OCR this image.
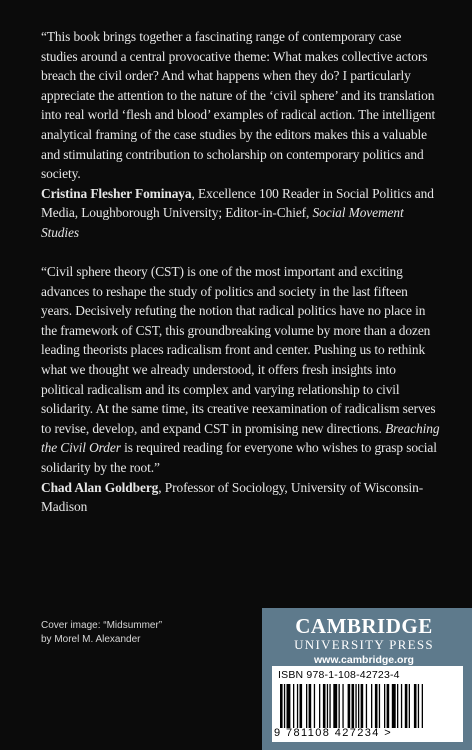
“This book brings together a fascinating range of contemporary case studies around a central provocative theme: What makes collective actors breach the civil order? And what happens when they do? I particularly appreciate the attention to the nature of the ‘civil sphere’ and its translation into real world ‘flesh and blood’ examples of radical action. The intelligent analytical framing of the case studies by the editors makes this a valuable and stimulating contribution to scholarship on contemporary politics and society.

Cristina Flesher Fominaya, Excellence 100 Reader in Social Politics and Media, Loughborough University; Editor-in-Chief, Social Movement Studies

“Civil sphere theory (CST) is one of the most important and exciting advances to reshape the study of politics and society in the last fifteen years. Decisively refuting the notion that radical politics have no place in the framework of CST, this groundbreaking volume by more than a dozen leading theorists places radicalism front and center. Pushing us to rethink what we thought we already understood, it offers fresh insights into political radicalism and its complex and varying relationship to civil solidarity. At the same time, its creative reexamination of radicalism serves to revise, develop, and expand CST in promising new directions. Breaching the Civil Order is required reading for everyone who wishes to grasp social solidarity by the root.”

Chad Alan Goldberg, Professor of Sociology, University of Wisconsin-Madison

Cover image: “Midsummer”
by Morel M. Alexander
CAMBRIDGE
UNIVERSITY PRESS
www.cambridge.org
ISBN 978-1-108-42723-4
9 781108 427234 >
